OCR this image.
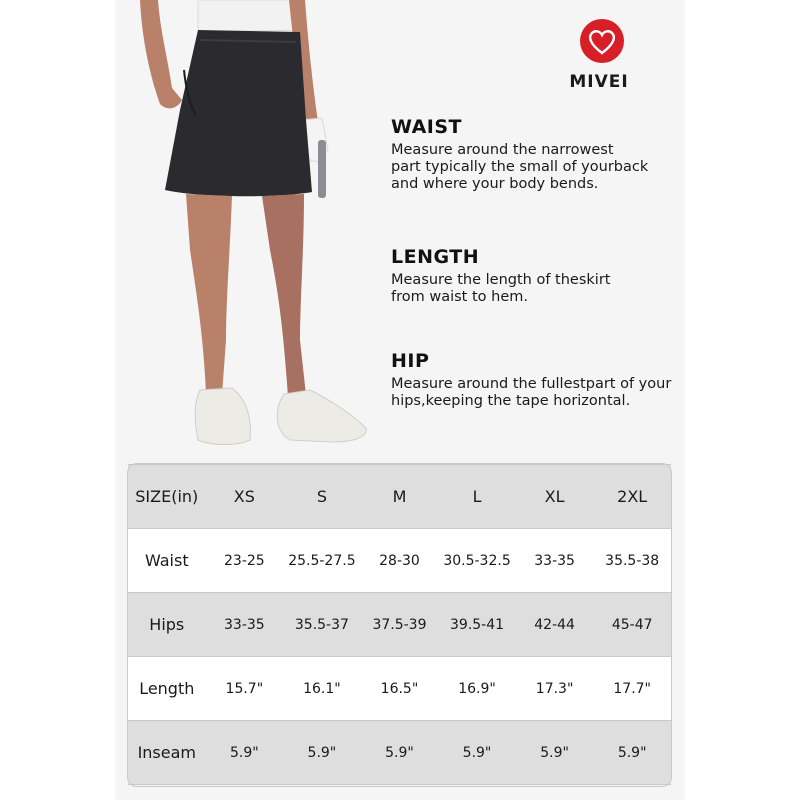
MIVEI
WAIST

Measure around the narrowest
part typically the small of yourback
and where your body bends.

LENGTH

Measure the length of theskirt
from waist to hem.

HIP

Measure around the fullestpart of your
hips,keeping the tape horizontal.

SIZE(in)	XS	S	M	L	XL	2XL
Waist	23-25	25.5-27.5	28-30	30.5-32.5	33-35	35.5-38
Hips	33-35	35.5-37	37.5-39	39.5-41	42-44	45-47
Length	15.7"	16.1"	16.5"	16.9"	17.3"	17.7"
Inseam	5.9"	5.9"	5.9"	5.9"	5.9"	5.9"
